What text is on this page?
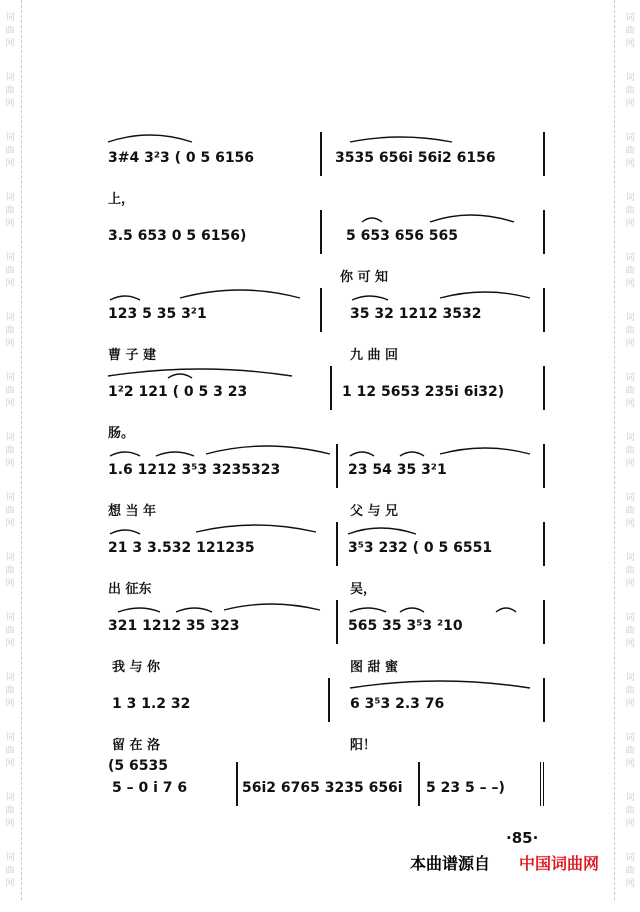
词
曲
网
词
曲
网
词
曲
网
词
曲
网
词
曲
网
词
曲
网
词
曲
网
词
曲
网
词
曲
网
词
曲
网
词
曲
网
词
曲
网
词
曲
网
词
曲
网
词
曲
网
词
曲
网
词
曲
网
词
曲
网
词
曲
网
词
曲
网
词
曲
网
词
曲
网
词
曲
网
词
曲
网
词
曲
网
词
曲
网
词
曲
网
词
曲
网
词
曲
网
词
曲
网
3#4 3²3 ( 0 5 6156	3535 656i 56i2 6156
上，
3.5 653 0 5 6156)	5 653 656 565
你 可 知
123 5 35 3²1	35 32 1212 3532
曹 子 建	九 曲 回
1²2 121 ( 0 5 3 23	1 12 5653 235i 6i32)
肠。
1.6 1212 3⁵3 3235323	23 54 35 3²1
想 当 年	父 与 兄
21 3 3.532 121235	3⁵3 232 ( 0 5 6551
出 征东	吴，
321 1212 35 323	565 35 3⁵3 ²10
我 与 你	图 甜 蜜
1 3 1.2 32	6 3⁵3 2.3 76
留 在 洛	阳！
(5 6535
5 – 0 i 7 6	56i2 6765 3235 656i 5 23 5 – –)
·85·
本曲谱源自 中国词曲网
